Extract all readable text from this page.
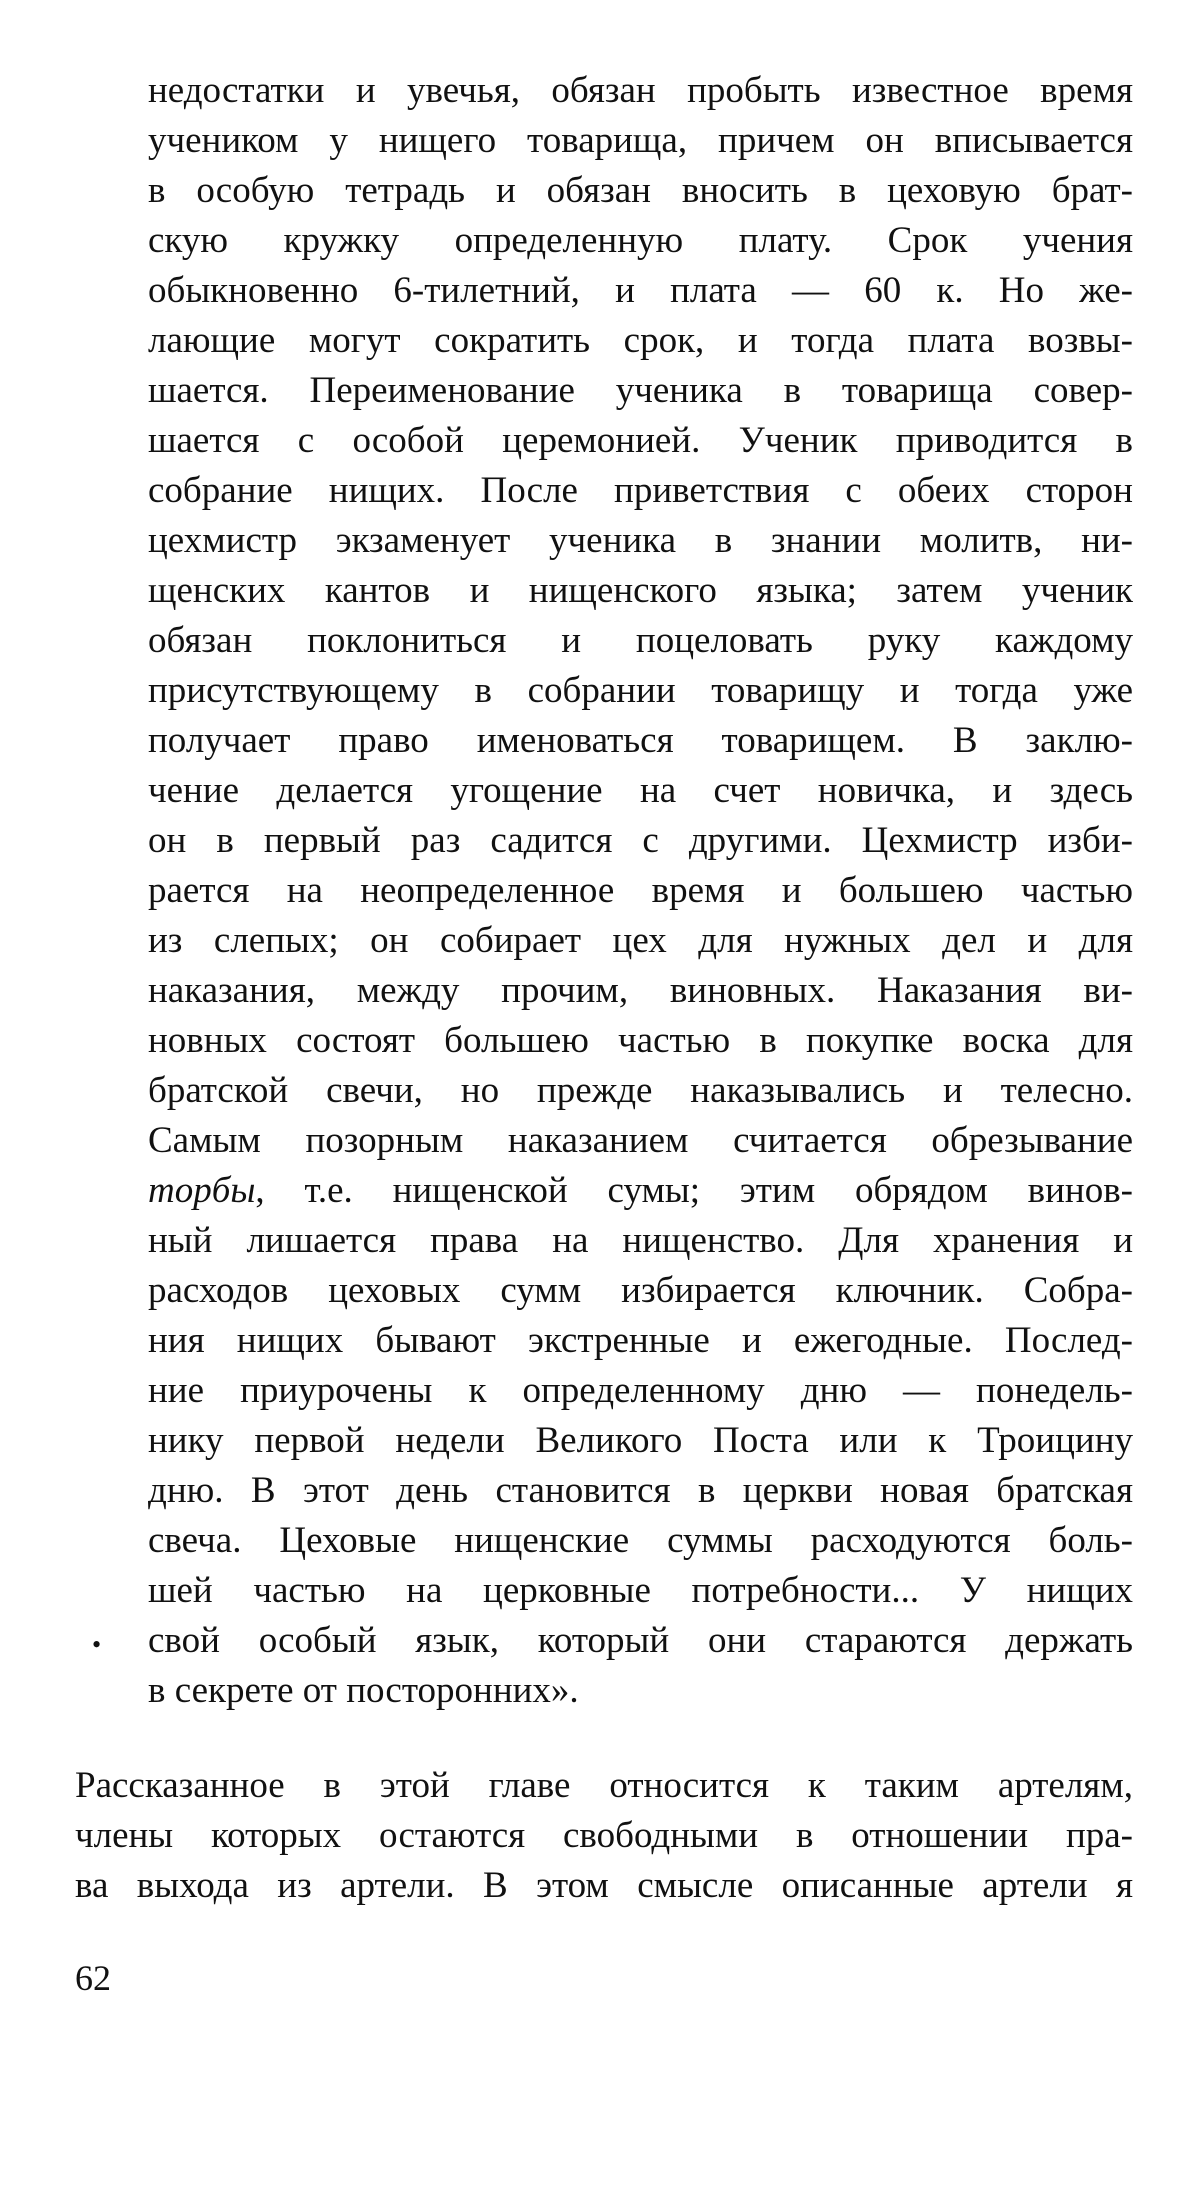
недостатки и увечья, обязан пробыть известное время
учеником у нищего товарища, причем он вписывается
в особую тетрадь и обязан вносить в цеховую брат-
скую кружку определенную плату. Срок учения
обыкновенно 6-тилетний, и плата — 60 к. Но же-
лающие могут сократить срок, и тогда плата возвы-
шается. Переименование ученика в товарища совер-
шается с особой церемонией. Ученик приводится в
собрание нищих. После приветствия с обеих сторон
цехмистр экзаменует ученика в знании молитв, ни-
щенских кантов и нищенского языка; затем ученик
обязан поклониться и поцеловать руку каждому
присутствующему в собрании товарищу и тогда уже
получает право именоваться товарищем. В заклю-
чение делается угощение на счет новичка, и здесь
он в первый раз садится с другими. Цехмистр изби-
рается на неопределенное время и большею частью
из слепых; он собирает цех для нужных дел и для
наказания, между прочим, виновных. Наказания ви-
новных состоят большею частью в покупке воска для
братской свечи, но прежде наказывались и телесно.
Самым позорным наказанием считается обрезывание
торбы, т.е. нищенской сумы; этим обрядом винов-
ный лишается права на нищенство. Для хранения и
расходов цеховых сумм избирается ключник. Собра-
ния нищих бывают экстренные и ежегодные. Послед-
ние приурочены к определенному дню — понедель-
нику первой недели Великого Поста или к Троицину
дню. В этот день становится в церкви новая братская
свеча. Цеховые нищенские суммы расходуются боль-
шей частью на церковные потребности... У нищих
свой особый язык, который они стараются держать
в секрете от посторонних».
•
Рассказанное в этой главе относится к таким артелям,
члены которых остаются свободными в отношении пра-
ва выхода из артели. В этом смысле описанные артели я
62
